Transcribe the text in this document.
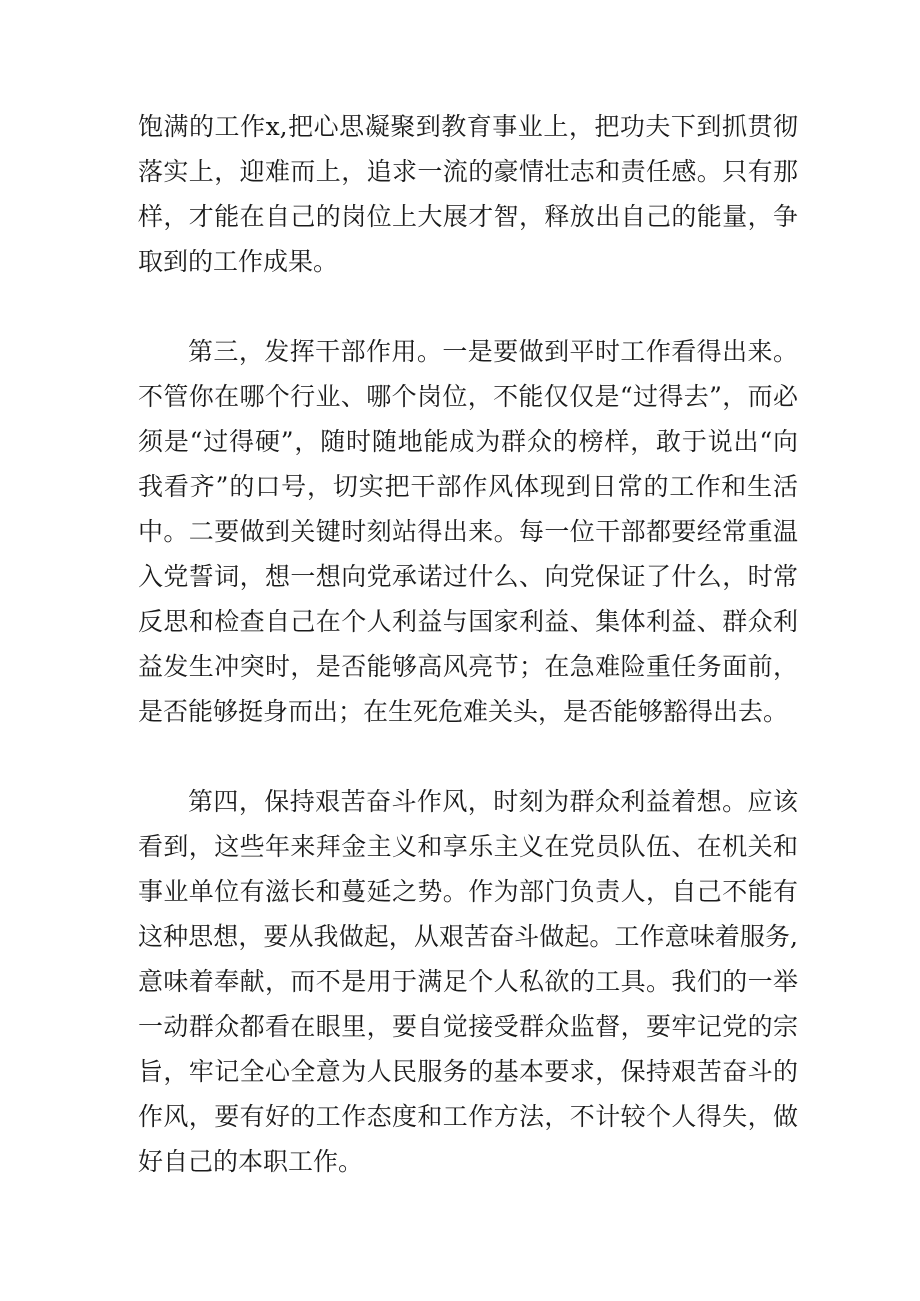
饱满的工作x,把心思凝聚到教育事业上，把功夫下到抓贯彻落实上，迎难而上，追求一流的豪情壮志和责任感。只有那样，才能在自己的岗位上大展才智，释放出自己的能量，争取到的工作成果。

第三，发挥干部作用。一是要做到平时工作看得出来。不管你在哪个行业、哪个岗位，不能仅仅是“过得去”，而必须是“过得硬”，随时随地能成为群众的榜样，敢于说出“向我看齐”的口号，切实把干部作风体现到日常的工作和生活中。二要做到关键时刻站得出来。每一位干部都要经常重温入党誓词，想一想向党承诺过什么、向党保证了什么，时常反思和检查自己在个人利益与国家利益、集体利益、群众利益发生冲突时，是否能够高风亮节；在急难险重任务面前，是否能够挺身而出；在生死危难关头，是否能够豁得出去。

第四，保持艰苦奋斗作风，时刻为群众利益着想。应该看到，这些年来拜金主义和享乐主义在党员队伍、在机关和事业单位有滋长和蔓延之势。作为部门负责人，自己不能有这种思想，要从我做起，从艰苦奋斗做起。工作意味着服务,意味着奉献，而不是用于满足个人私欲的工具。我们的一举一动群众都看在眼里，要自觉接受群众监督，要牢记党的宗旨，牢记全心全意为人民服务的基本要求，保持艰苦奋斗的作风，要有好的工作态度和工作方法，不计较个人得失，做好自己的本职工作。
